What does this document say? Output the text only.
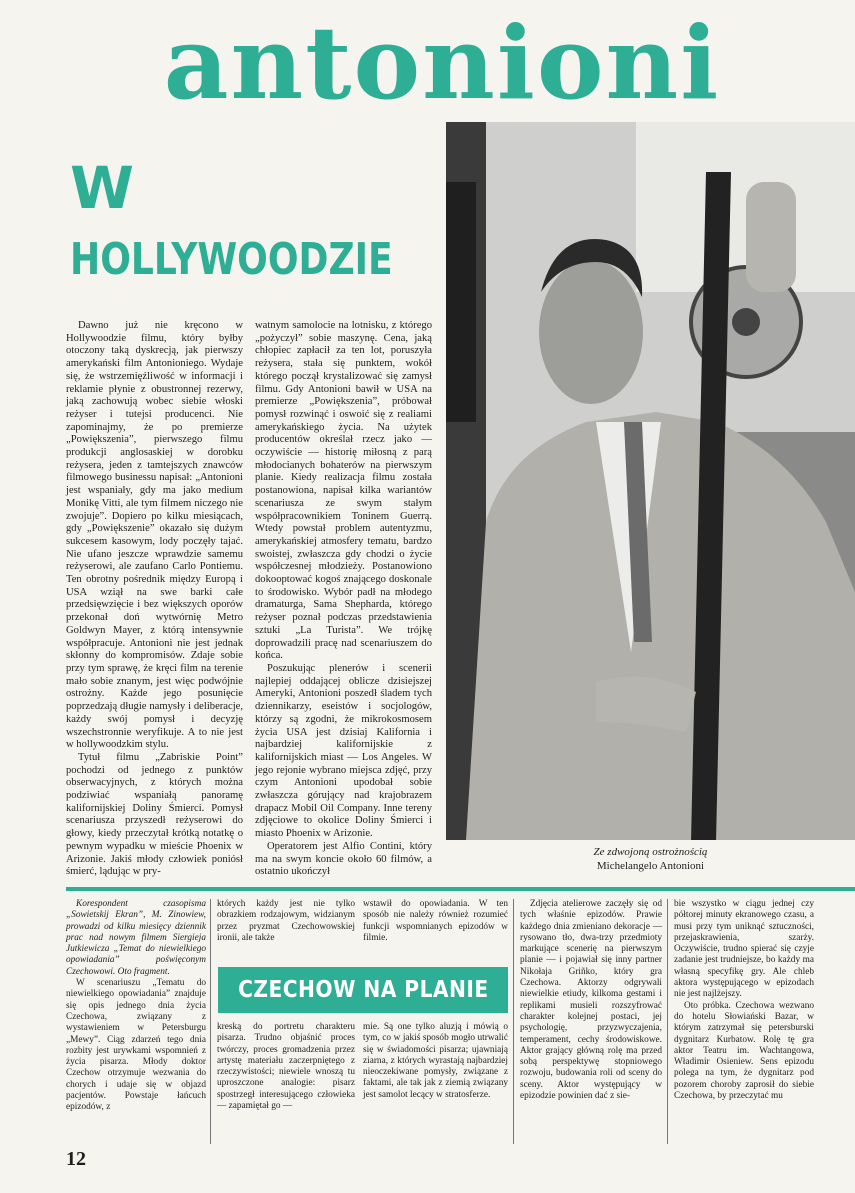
antonioni
W
HOLLYWOODZIE
Ze zdwojoną ostrożnością
Michelangelo Antonioni

Dawno już nie kręcono w Hollywoodzie filmu, który byłby otoczony taką dyskrecją, jak pierwszy amerykański film Antonioniego. Wydaje się, że wstrzemięźliwość w informacji i reklamie płynie z obustronnej rezerwy, jaką zachowują wobec siebie włoski reżyser i tutejsi producenci. Nie zapominajmy, że po premierze „Powiększenia”, pierwszego filmu produkcji anglosaskiej w dorobku reżysera, jeden z tamtejszych znawców filmowego businessu napisał: „Antonioni jest wspaniały, gdy ma jako medium Monikę Vitti, ale tym filmem niczego nie zwojuje”. Dopiero po kilku miesiącach, gdy „Powiększenie” okazało się dużym sukcesem kasowym, lody poczęły tajać. Nie ufano jeszcze wprawdzie samemu reżyserowi, ale zaufano Carlo Pontiemu. Ten obrotny pośrednik między Europą i USA wziął na swe barki całe przedsięwzięcie i bez większych oporów przekonał doń wytwórnię Metro Goldwyn Mayer, z którą intensywnie współpracuje. Antonioni nie jest jednak skłonny do kompromisów. Zdaje sobie przy tym sprawę, że kręci film na terenie mało sobie znanym, jest więc podwójnie ostrożny. Każde jego posunięcie poprzedzają długie namysły i deliberacje, każdy swój pomysł i decyzję wszechstronnie weryfikuje. A to nie jest w hollywoodzkim stylu.

Tytuł filmu „Zabriskie Point” pochodzi od jednego z punktów obserwacyjnych, z których można podziwiać wspaniałą panoramę kalifornijskiej Doliny Śmierci. Pomysł scenariusza przyszedł reżyserowi do głowy, kiedy przeczytał krótką notatkę o pewnym wypadku w mieście Phoenix w Arizonie. Jakiś młody człowiek poniósł śmierć, lądując w pry-

watnym samolocie na lotnisku, z którego „pożyczył” sobie maszynę. Cena, jaką chłopiec zapłacił za ten lot, poruszyła reżysera, stała się punktem, wokół którego począł krystalizować się zamysł filmu. Gdy Antonioni bawił w USA na premierze „Powiększenia”, próbował pomysł rozwinąć i oswoić się z realiami amerykańskiego życia. Na użytek producentów określał rzecz jako — oczywiście — historię miłosną z parą młodocianych bohaterów na pierwszym planie. Kiedy realizacja filmu została postanowiona, napisał kilka wariantów scenariusza ze swym stałym współpracownikiem Toninem Guerrą. Wtedy powstał problem autentyzmu, amerykańskiej atmosfery tematu, bardzo swoistej, zwłaszcza gdy chodzi o życie współczesnej młodzieży. Postanowiono dokooptować kogoś znającego doskonale to środowisko. Wybór padł na młodego dramaturga, Sama Shepharda, którego reżyser poznał podczas przedstawienia sztuki „La Turista”. We trójkę doprowadzili pracę nad scenariuszem do końca.

Poszukując plenerów i scenerii najlepiej oddającej oblicze dzisiejszej Ameryki, Antonioni poszedł śladem tych dziennikarzy, eseistów i socjologów, którzy są zgodni, że mikrokosmosem życia USA jest dzisiaj Kalifornia i najbardziej kalifornijskie z kalifornijskich miast — Los Angeles. W jego rejonie wybrano miejsca zdjęć, przy czym Antonioni upodobał sobie zwłaszcza górujący nad krajobrazem drapacz Mobil Oil Company. Inne tereny zdjęciowe to okolice Doliny Śmierci i miasto Phoenix w Arizonie.

Operatorem jest Alfio Contini, który ma na swym koncie około 60 filmów, a ostatnio ukończył

Korespondent czasopisma „Sowietskij Ekran”, M. Zinowiew, prowadzi od kilku miesięcy dziennik prac nad nowym filmem Siergieja Jutkiewicza „Temat do niewielkiego opowiadania” poświęconym Czechowowi. Oto fragment.

W scenariuszu „Tematu do niewielkiego opowiadania” znajduje się opis jednego dnia życia Czechowa, związany z wystawieniem w Petersburgu „Mewy”. Ciąg zdarzeń tego dnia rozbity jest urywkami wspomnień z życia pisarza. Młody doktor Czechow otrzymuje wezwania do chorych i udaje się w objazd pacjentów. Powstaje łańcuch epizodów, z

których każdy jest nie tylko obrazkiem rodzajowym, widzianym przez pryzmat Czechowowskiej ironii, ale także

wstawił do opowiadania. W ten sposób nie należy również rozumieć funkcji wspomnianych epizodów w filmie.

CZECHOW NA PLANIE

kreską do portretu charakteru pisarza. Trudno objaśnić proces twórczy, proces gromadzenia przez artystę materiału zaczerpniętego z rzeczywistości; niewiele wnoszą tu uproszczone analogie: pisarz spostrzegł interesującego człowieka — zapamiętał go —

mie. Są one tylko aluzją i mówią o tym, co w jakiś sposób mogło utrwalić się w świadomości pisarza; ujawniają ziarna, z których wyrastają najbardziej nieoczekiwane pomysły, związane z faktami, ale tak jak z ziemią związany jest samolot lecący w stratosferze.

Zdjęcia atelierowe zaczęły się od tych właśnie epizodów. Prawie każdego dnia zmieniano dekoracje — rysowano tło, dwa-trzy przedmioty markujące scenerię na pierwszym planie — i pojawiał się inny partner Nikołaja Griñko, który gra Czechowa. Aktorzy odgrywali niewielkie etiudy, kilkoma gestami i replikami musieli rozszyfrować charakter kolejnej postaci, jej psychologię, przyzwyczajenia, temperament, cechy środowiskowe. Aktor grający główną rolę ma przed sobą perspektywę stopniowego rozwoju, budowania roli od sceny do sceny. Aktor występujący w epizodzie powinien dać z sie-

bie wszystko w ciągu jednej czy półtorej minuty ekranowego czasu, a musi przy tym uniknąć sztuczności, przejaskrawienia, szarży. Oczywiście, trudno spierać się czyje zadanie jest trudniejsze, bo każdy ma własną specyfikę gry. Ale chleb aktora występującego w epizodach nie jest najlżejszy.

Oto próbka. Czechowa wezwano do hotelu Słowiański Bazar, w którym zatrzymał się petersburski dygnitarz Kurbatow. Rolę tę gra aktor Teatru im. Wachtangowa, Władimir Osieniew. Sens epizodu polega na tym, że dygnitarz pod pozorem choroby zaprosił do siebie Czechowa, by przeczytać mu

12
